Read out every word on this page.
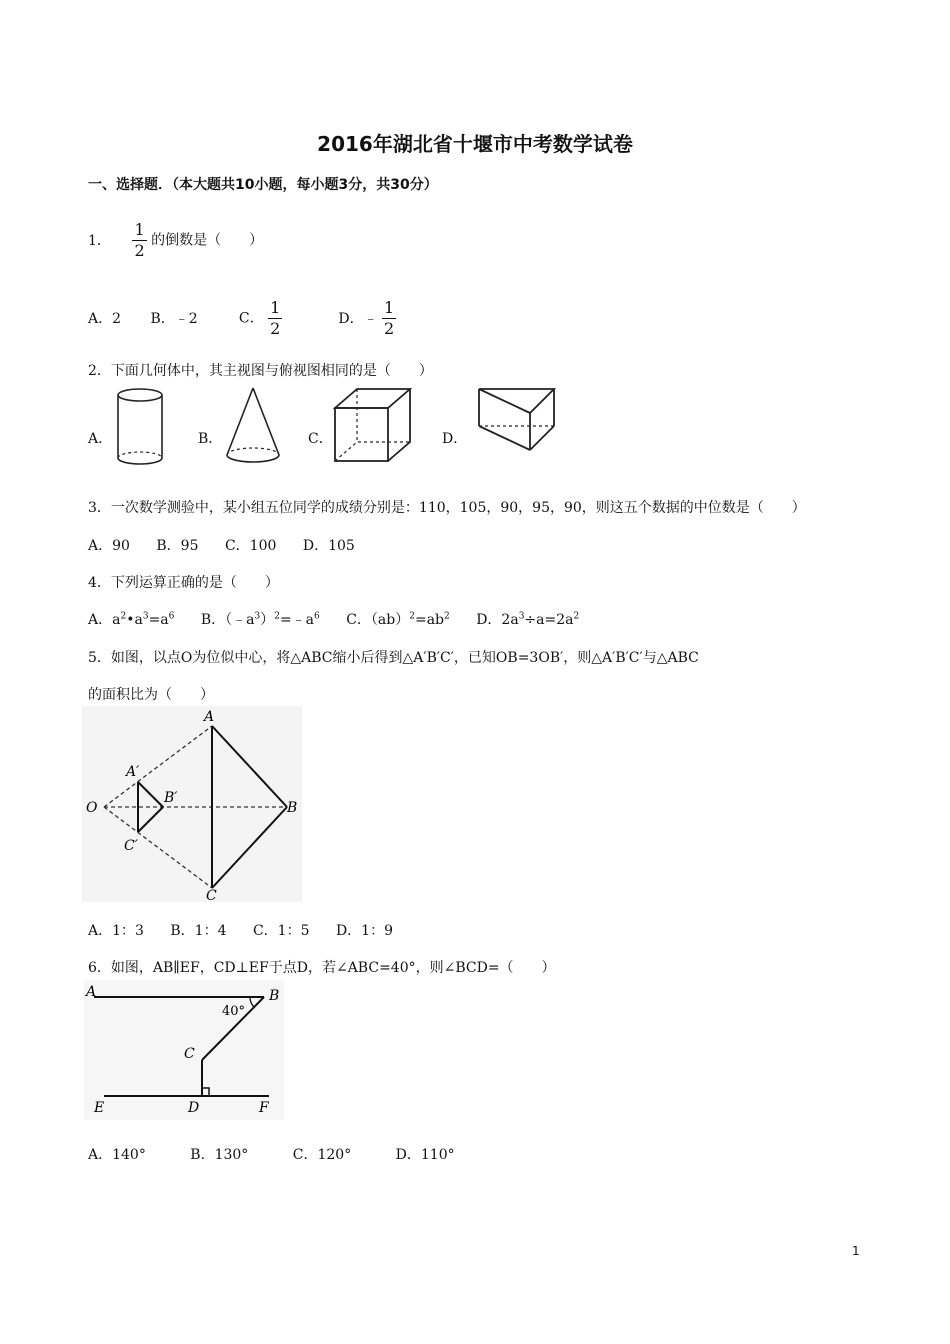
2016年湖北省十堰市中考数学试卷
一、选择题．（本大题共10小题，每小题3分，共30分）
1． $\frac{1}{2}$ 的倒数是（　　）
A．2 B．﹣2	C． $\frac{1}{2}$	D．﹣ $\frac{1}{2}$
2．下面几何体中，其主视图与俯视图相同的是（　　）
A．	B．	C．	D．
3．一次数学测验中，某小组五位同学的成绩分别是：110，105，90，95，90，则这五个数据的中位数是（　　）
A．90 B．95 C．100 D．105
4．下列运算正确的是（　　）
A．$a^2•a^3=a^6$ B．$(﹣a^3)^2=﹣a^6$ C．$(ab)^2=ab^2$ D．$2a^3\div a=2a^2$
5．如图，以点O为位似中心，将△ABC缩小后得到△A′B′C′，已知OB=3OB′，则△A′B′C′与△ABC
的面积比为（　　）
O
A
B
C
A′
B′
C′
A．1：3 B．1：4 C．1：5 D．1：9
6．如图，AB∥EF，CD⊥EF于点D，若∠ABC=40°，则∠BCD=（　　）
A	B
C
D
E	F
40°
A．140°	B．130°	C．120°	D．110°
1
